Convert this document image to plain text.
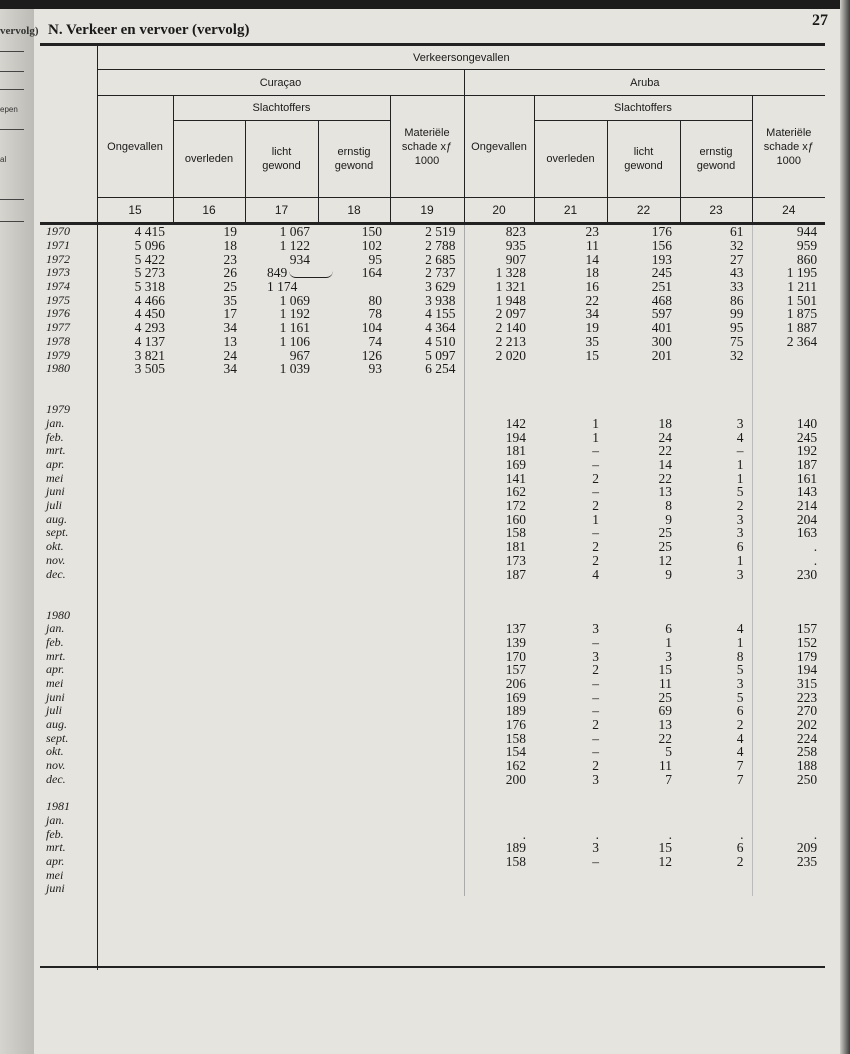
vervolg)
epen
al
N. Verkeer en vervoer (vervolg)
27
	Verkeersongevallen									
	Curaçao					Aruba				
	Ongevallen	Slachtoffers			Materiële schade xƒ 1000	Ongevallen	Slachtoffers			Materiële schade xƒ 1000
		overleden	licht gewond	ernstig gewond			overleden	licht gewond	ernstig gewond	
	15	16	17	18	19	20	21	22	23	24
1970	4 415	19	1 067	150	2 519	823	23	176	61	944
1971	5 096	18	1 122	102	2 788	935	11	156	32	959
1972	5 422	23	934	95	2 685	907	14	193	27	860
1973	5 273	26	849	164	2 737	1 328	18	245	43	1 195
1974	5 318	25	1 174		3 629	1 321	16	251	33	1 211
1975	4 466	35	1 069	80	3 938	1 948	22	468	86	1 501
1976	4 450	17	1 192	78	4 155	2 097	34	597	99	1 875
1977	4 293	34	1 161	104	4 364	2 140	19	401	95	1 887
1978	4 137	13	1 106	74	4 510	2 213	35	300	75	2 364
1979	3 821	24	967	126	5 097	2 020	15	201	32	
1980	3 505	34	1 039	93	6 254					

1979										
jan.						142	1	18	3	140
feb.						194	1	24	4	245
mrt.						181	–	22	–	192
apr.						169	–	14	1	187
mei						141	2	22	1	161
juni						162	–	13	5	143
juli						172	2	8	2	214
aug.						160	1	9	3	204
sept.						158	–	25	3	163
okt.						181	2	25	6	.
nov.						173	2	12	1	.
dec.						187	4	9	3	230

1980										
jan.						137	3	6	4	157
feb.						139	–	1	1	152
mrt.						170	3	3	8	179
apr.						157	2	15	5	194
mei						206	–	11	3	315
juni						169	–	25	5	223
juli						189	–	69	6	270
aug.						176	2	13	2	202
sept.						158	–	22	4	224
okt.						154	–	5	4	258
nov.						162	2	11	7	188
dec.						200	3	7	7	250

1981										
jan.										
feb.						.	.	.	.	.
mrt.						189	3	15	6	209
apr.						158	–	12	2	235
mei										
juni										
